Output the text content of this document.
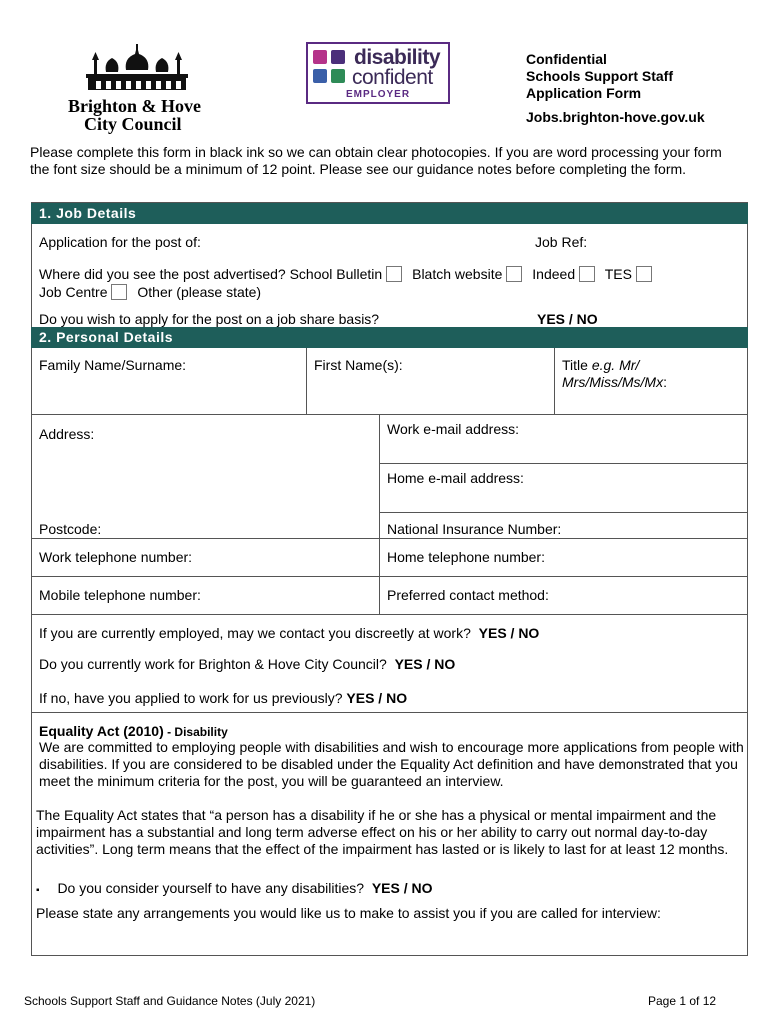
Brighton & Hove
City Council
disability
confident
EMPLOYER
Confidential
Schools Support Staff
Application Form
Jobs.brighton-hove.gov.uk
Please complete this form in black ink so we can obtain clear photocopies. If you are word processing your form the font size should be a minimum of 12 point. Please see our guidance notes before completing the form.
1. Job Details
Application for the post of:	Job Ref:
Where did you see the post advertised? School Bulletin Blatch website Indeed TES
Job Centre Other (please state)
Do you wish to apply for the post on a job share basis?	YES / NO
2. Personal Details
Family Name/Surname:	First Name(s):	Title e.g. Mr/
Mrs/Miss/Ms/Mx:
Address:	Work e-mail address:
Home e-mail address:
Postcode:	National Insurance Number:
Work telephone number:	Home telephone number:
Mobile telephone number:	Preferred contact method:
If you are currently employed, may we contact you discreetly at work? YES / NO
Do you currently work for Brighton & Hove City Council? YES / NO
If no, have you applied to work for us previously? YES / NO
Equality Act (2010) - Disability
We are committed to employing people with disabilities and wish to encourage more applications from people with disabilities. If you are considered to be disabled under the Equality Act definition and have demonstrated that you meet the minimum criteria for the post, you will be guaranteed an interview.
The Equality Act states that “a person has a disability if he or she has a physical or mental impairment and the impairment has a substantial and long term adverse effect on his or her ability to carry out normal day-to-day activities”. Long term means that the effect of the impairment has lasted or is likely to last for at least 12 months.
▪ Do you consider yourself to have any disabilities? YES / NO
Please state any arrangements you would like us to make to assist you if you are called for interview:
Schools Support Staff and Guidance Notes (July 2021)	Page 1 of 12
